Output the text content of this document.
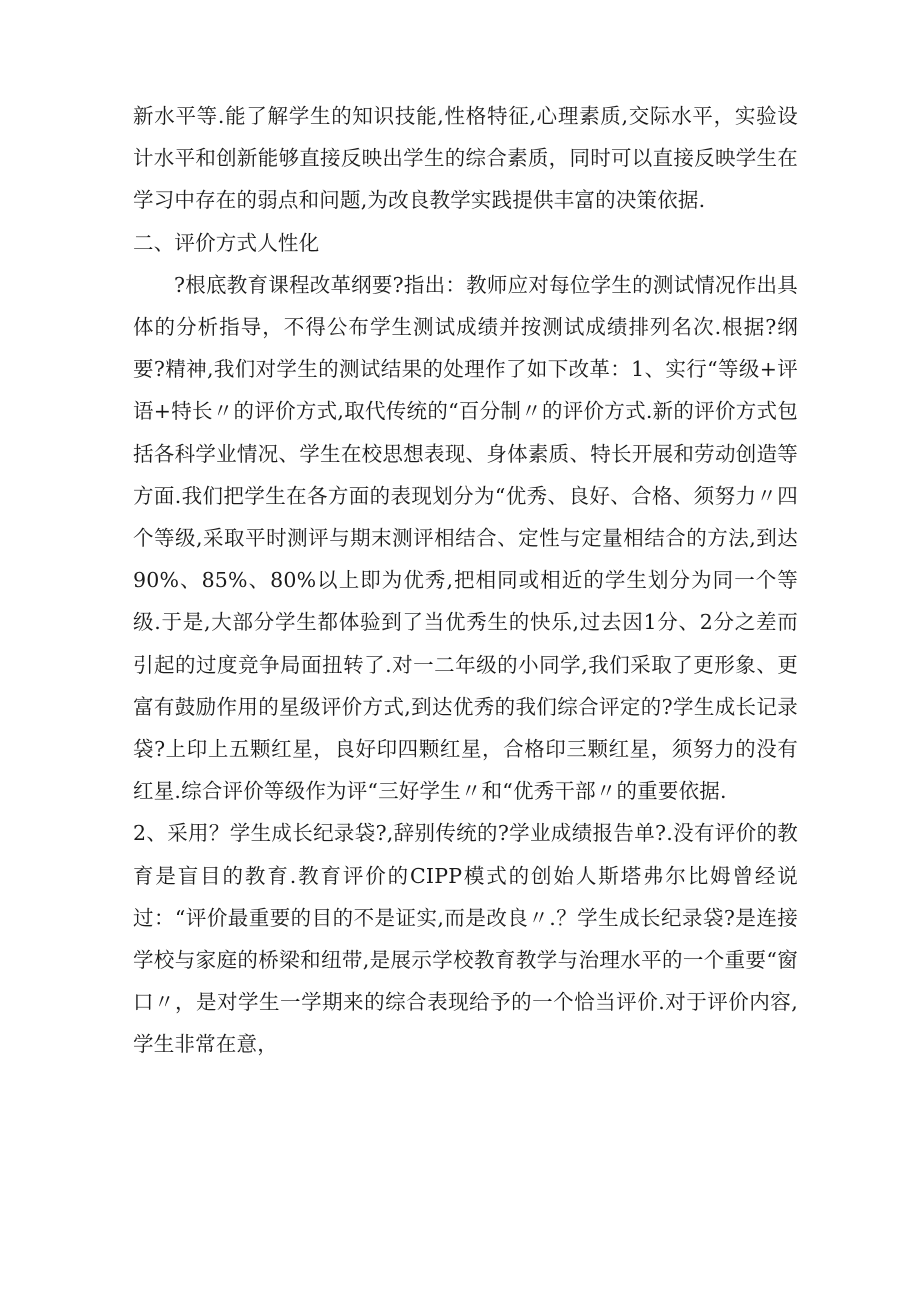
新水平等.能了解学生的知识技能,性格特征,心理素质,交际水平，实验设计水平和创新能够直接反映出学生的综合素质，同时可以直接反映学生在学习中存在的弱点和问题,为改良教学实践提供丰富的决策依据.

二、评价方式人性化

?根底教育课程改革纲要?指出：教师应对每位学生的测试情况作出具体的分析指导，不得公布学生测试成绩并按测试成绩排列名次.根据?纲要?精神,我们对学生的测试结果的处理作了如下改革：1、实行“等级+评语+特长〃的评价方式,取代传统的“百分制〃的评价方式.新的评价方式包括各科学业情况、学生在校思想表现、身体素质、特长开展和劳动创造等方面.我们把学生在各方面的表现划分为“优秀、良好、合格、须努力〃四个等级,采取平时测评与期末测评相结合、定性与定量相结合的方法,到达90%、85%、80%以上即为优秀,把相同或相近的学生划分为同一个等级.于是,大部分学生都体验到了当优秀生的快乐,过去因1分、2分之差而引起的过度竞争局面扭转了.对一二年级的小同学,我们采取了更形象、更富有鼓励作用的星级评价方式,到达优秀的我们综合评定的?学生成长记录袋?上印上五颗红星，良好印四颗红星，合格印三颗红星，须努力的没有红星.综合评价等级作为评“三好学生〃和“优秀干部〃的重要依据.

2、采用？学生成长纪录袋?,辞别传统的?学业成绩报告单?.没有评价的教育是盲目的教育.教育评价的CIPP模式的创始人斯塔弗尔比姆曾经说过：“评价最重要的目的不是证实,而是改良〃.？学生成长纪录袋?是连接学校与家庭的桥梁和纽带,是展示学校教育教学与治理水平的一个重要“窗口〃，是对学生一学期来的综合表现给予的一个恰当评价.对于评价内容,学生非常在意，
